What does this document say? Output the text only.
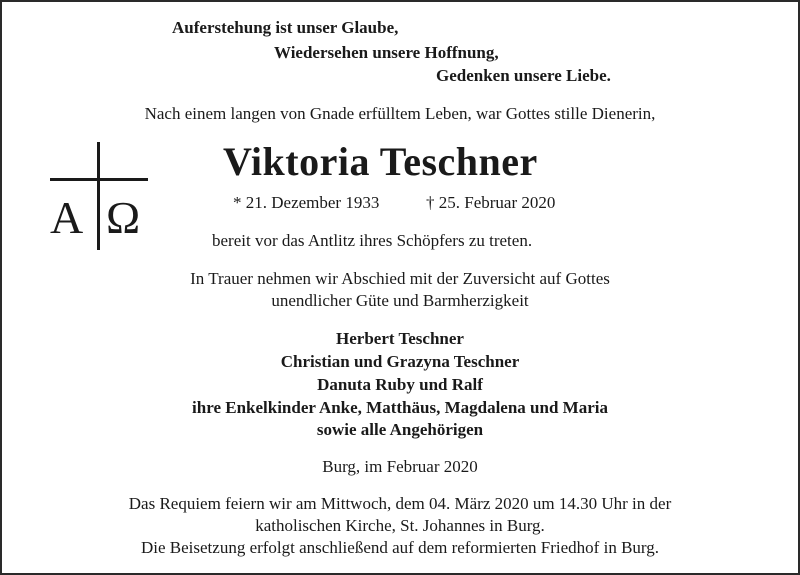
Auferstehung ist unser Glaube,
Wiedersehen unsere Hoffnung,
Gedenken unsere Liebe.
Nach einem langen von Gnade erfülltem Leben, war Gottes stille Dienerin,
A Ω
Viktoria Teschner
* 21. Dezember 1933	† 25. Februar 2020
bereit vor das Antlitz ihres Schöpfers zu treten.
In Trauer nehmen wir Abschied mit der Zuversicht auf Gottes
unendlicher Güte und Barmherzigkeit
Herbert Teschner
Christian und Grazyna Teschner
Danuta Ruby und Ralf
ihre Enkelkinder Anke, Matthäus, Magdalena und Maria
sowie alle Angehörigen
Burg, im Februar 2020
Das Requiem feiern wir am Mittwoch, dem 04. März 2020 um 14.30 Uhr in der
katholischen Kirche, St. Johannes in Burg.
Die Beisetzung erfolgt anschließend auf dem reformierten Friedhof in Burg.
